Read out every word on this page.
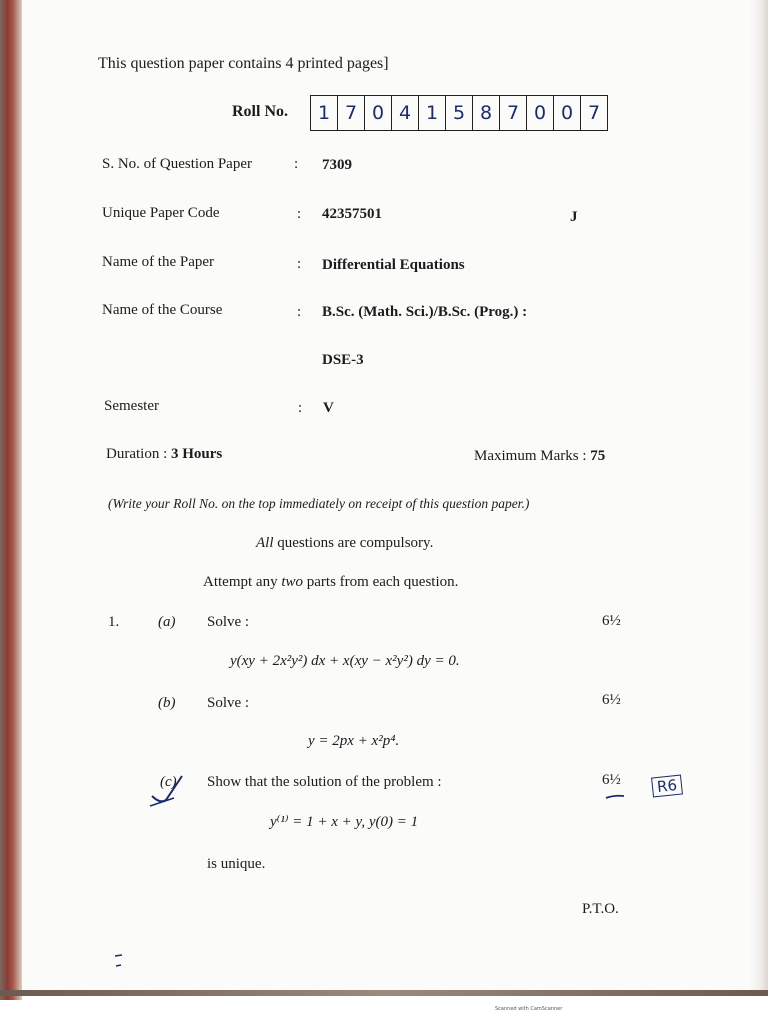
This question paper contains 4 printed pages]
Roll No.	1 7 0 4 1 5 8 7 0 0 7
S. No. of Question Paper	: 7309
Unique Paper Code	: 42357501	J
Name of the Paper	: Differential Equations
Name of the Course	: B.Sc. (Math. Sci.)/B.Sc. (Prog.) :
DSE-3
Semester	: V
Duration : 3 Hours	Maximum Marks : 75
(Write your Roll No. on the top immediately on receipt of this question paper.)
All questions are compulsory.
Attempt any two parts from each question.
1.	(a) Solve :	6½
y(xy + 2x²y²) dx + x(xy − x²y²) dy = 0.
(b) Solve :	6½
y = 2px + x²p⁴.
(c) Show that the solution of the problem :	6½
y⁽¹⁾ = 1 + x + y, y(0) = 1
is unique.
R6
P.T.O.
Scanned with CamScanner
